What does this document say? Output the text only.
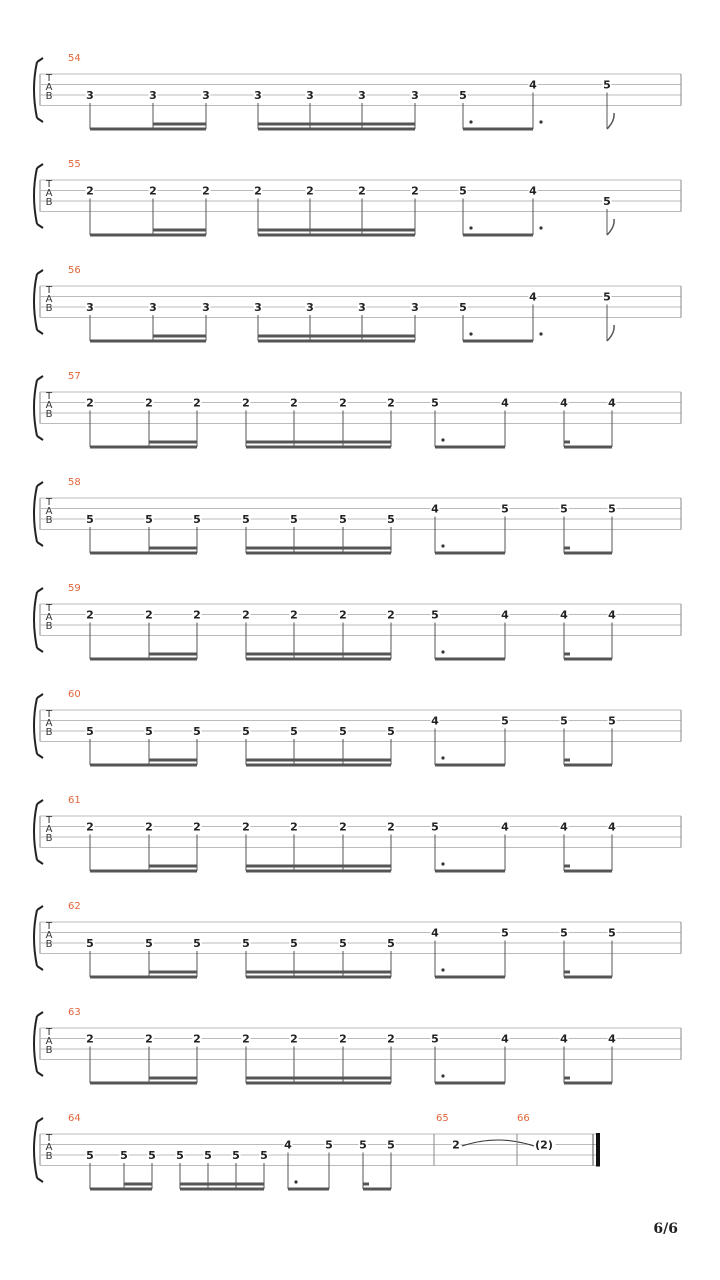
T
A
B
54
3	3	3	3	3	3	3	5
4	5
T
A
B
55
2	2	2	2	2	2	2	5	4
5
T
A
B
56
3	3	3	3	3	3	3	5
4	5
T
A
B
57
2	2	2	2	2	2	2	5	4	4	4
T
A
B
58
5	5	5	5	5	5	5
4	5	5	5
T
A
B
59
2	2	2	2	2	2	2	5	4	4	4
T
A
B
60
5	5	5	5	5	5	5
4	5	5	5
T
A
B
61
2	2	2	2	2	2	2	5	4	4	4
T
A
B
62
5	5	5	5	5	5	5
4	5	5	5
T
A
B
63
2	2	2	2	2	2	2	5	4	4	4
T
A
B
64
5 5 5 5 5 5 5
4	5 5 5
65
2
66
(2)
6/6
